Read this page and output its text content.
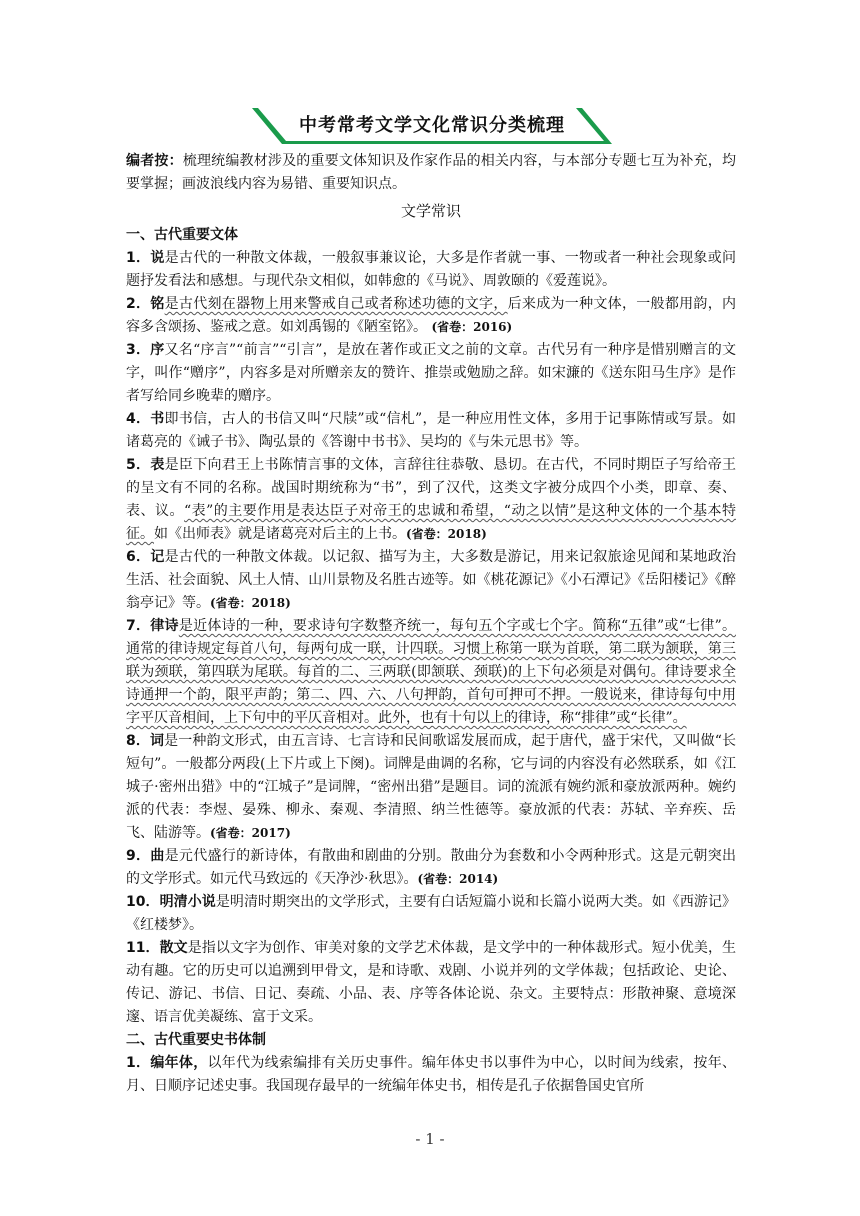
中考常考文学文化常识分类梳理

编者按：梳理统编教材涉及的重要文体知识及作家作品的相关内容，与本部分专题七互为补充，均要掌握；画波浪线内容为易错、重要知识点。

文学常识
一、古代重要文体

1．说是古代的一种散文体裁，一般叙事兼议论，大多是作者就一事、一物或者一种社会现象或问题抒发看法和感想。与现代杂文相似，如韩愈的《马说》、周敦颐的《爱莲说》。

2．铭是古代刻在器物上用来警戒自己或者称述功德的文字，后来成为一种文体，一般都用韵，内容多含颂扬、鉴戒之意。如刘禹锡的《陋室铭》。 (省卷：2016)

3．序又名“序言”“前言”“引言”，是放在著作或正文之前的文章。古代另有一种序是惜别赠言的文字，叫作“赠序”，内容多是对所赠亲友的赞许、推崇或勉励之辞。如宋濂的《送东阳马生序》是作者写给同乡晚辈的赠序。

4．书即书信，古人的书信又叫“尺牍”或“信札”，是一种应用性文体，多用于记事陈情或写景。如诸葛亮的《诫子书》、陶弘景的《答谢中书书》、吴均的《与朱元思书》等。

5．表是臣下向君王上书陈情言事的文体，言辞往往恭敬、恳切。在古代，不同时期臣子写给帝王的呈文有不同的名称。战国时期统称为“书”，到了汉代，这类文字被分成四个小类，即章、奏、表、议。“表”的主要作用是表达臣子对帝王的忠诚和希望，“动之以情”是这种文体的一个基本特征。如《出师表》就是诸葛亮对后主的上书。(省卷：2018)

6．记是古代的一种散文体裁。以记叙、描写为主，大多数是游记，用来记叙旅途见闻和某地政治生活、社会面貌、风土人情、山川景物及名胜古迹等。如《桃花源记》《小石潭记》《岳阳楼记》《醉翁亭记》等。(省卷：2018)

7．律诗是近体诗的一种，要求诗句字数整齐统一，每句五个字或七个字。简称“五律”或“七律”。通常的律诗规定每首八句，每两句成一联，计四联。习惯上称第一联为首联，第二联为颔联，第三联为颈联，第四联为尾联。每首的二、三两联(即颔联、颈联)的上下句必须是对偶句。律诗要求全诗通押一个韵，限平声韵；第二、四、六、八句押韵，首句可押可不押。一般说来，律诗每句中用字平仄音相间，上下句中的平仄音相对。此外，也有十句以上的律诗，称“排律”或“长律”。

8．词是一种韵文形式，由五言诗、七言诗和民间歌谣发展而成，起于唐代，盛于宋代，又叫做“长短句”。一般都分两段(上下片或上下阕)。词牌是曲调的名称，它与词的内容没有必然联系，如《江城子·密州出猎》中的“江城子”是词牌，“密州出猎”是题目。词的流派有婉约派和豪放派两种。婉约派的代表：李煜、晏殊、柳永、秦观、李清照、纳兰性德等。豪放派的代表：苏轼、辛弃疾、岳飞、陆游等。(省卷：2017)

9．曲是元代盛行的新诗体，有散曲和剧曲的分别。散曲分为套数和小令两种形式。这是元朝突出的文学形式。如元代马致远的《天净沙·秋思》。(省卷：2014)

10．明清小说是明清时期突出的文学形式，主要有白话短篇小说和长篇小说两大类。如《西游记》《红楼梦》。

11．散文是指以文字为创作、审美对象的文学艺术体裁，是文学中的一种体裁形式。短小优美，生动有趣。它的历史可以追溯到甲骨文，是和诗歌、戏剧、小说并列的文学体裁；包括政论、史论、传记、游记、书信、日记、奏疏、小品、表、序等各体论说、杂文。主要特点：形散神聚、意境深邃、语言优美凝练、富于文采。

二、古代重要史书体制

1．编年体，以年代为线索编排有关历史事件。编年体史书以事件为中心，以时间为线索，按年、月、日顺序记述史事。我国现存最早的一统编年体史书，相传是孔子依据鲁国史官所

- 1 -
